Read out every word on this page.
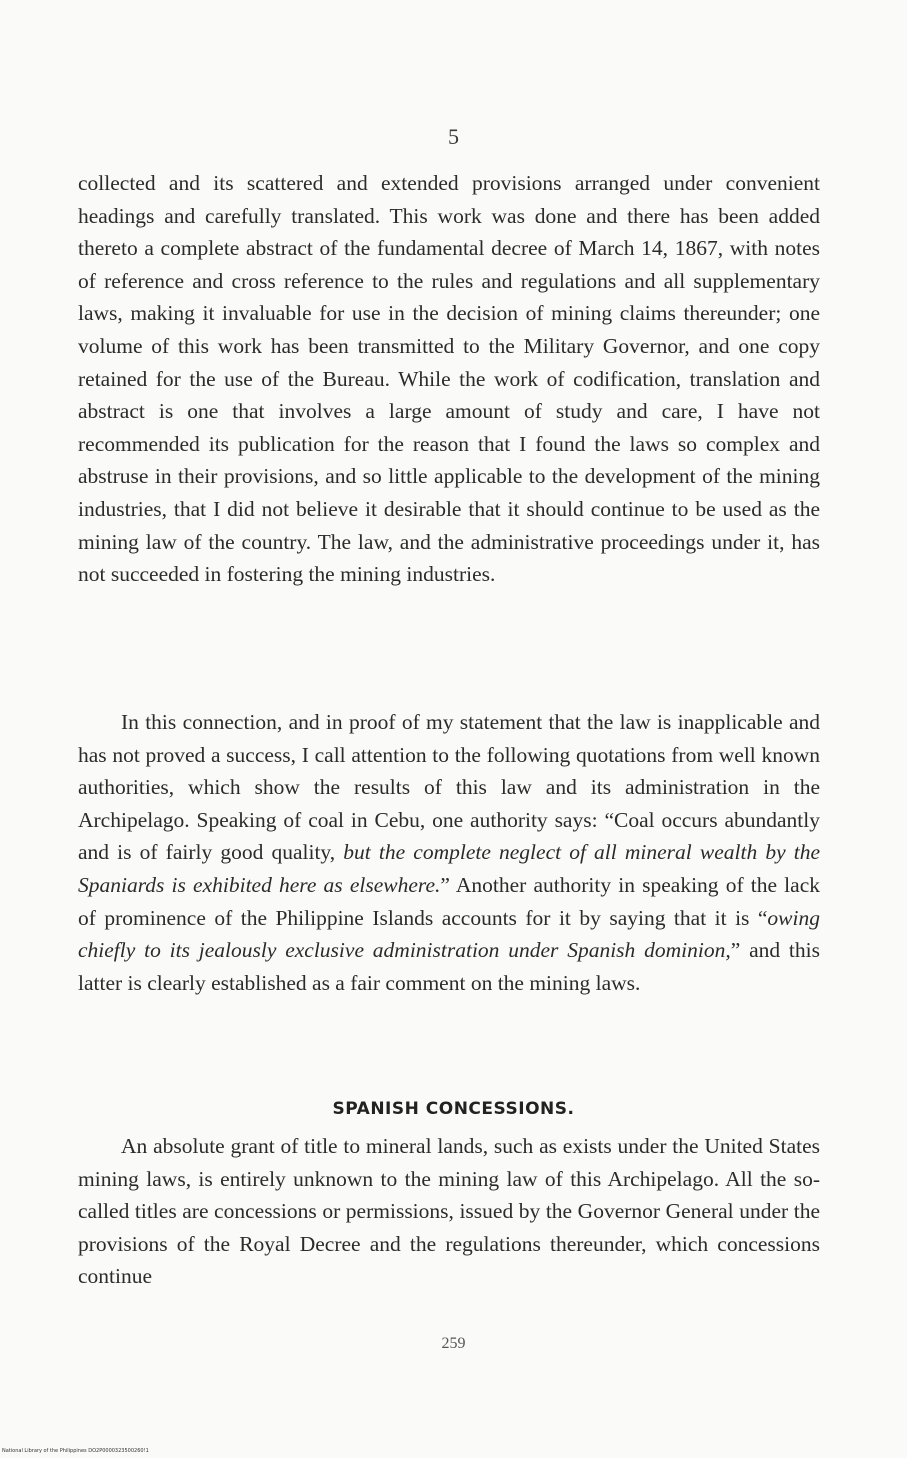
5
collected and its scattered and extended provisions arranged under convenient headings and carefully translated. This work was done and there has been added thereto a complete abstract of the fundamental decree of March 14, 1867, with notes of reference and cross reference to the rules and regulations and all supplementary laws, making it invaluable for use in the decision of mining claims thereunder; one volume of this work has been transmitted to the Military Governor, and one copy retained for the use of the Bureau. While the work of codification, translation and abstract is one that involves a large amount of study and care, I have not recommended its publication for the reason that I found the laws so complex and abstruse in their provisions, and so little applicable to the development of the mining industries, that I did not believe it desirable that it should continue to be used as the mining law of the country. The law, and the administrative proceedings under it, has not succeeded in fostering the mining industries.
In this connection, and in proof of my statement that the law is inapplicable and has not proved a success, I call attention to the following quotations from well known authorities, which show the results of this law and its administration in the Archipelago. Speaking of coal in Cebu, one authority says: “Coal occurs abundantly and is of fairly good quality, but the complete neglect of all mineral wealth by the Spaniards is exhibited here as elsewhere.” Another authority in speaking of the lack of prominence of the Philippine Islands accounts for it by saying that it is “owing chiefly to its jealously exclusive administration under Spanish dominion,” and this latter is clearly established as a fair comment on the mining laws.
SPANISH CONCESSIONS.
An absolute grant of title to mineral lands, such as exists under the United States mining laws, is entirely unknown to the mining law of this Archipelago. All the so-called titles are concessions or permissions, issued by the Governor General under the provisions of the Royal Decree and the regulations thereunder, which concessions continue
259
National Library of the Philippines DO2P0000323500260!1
